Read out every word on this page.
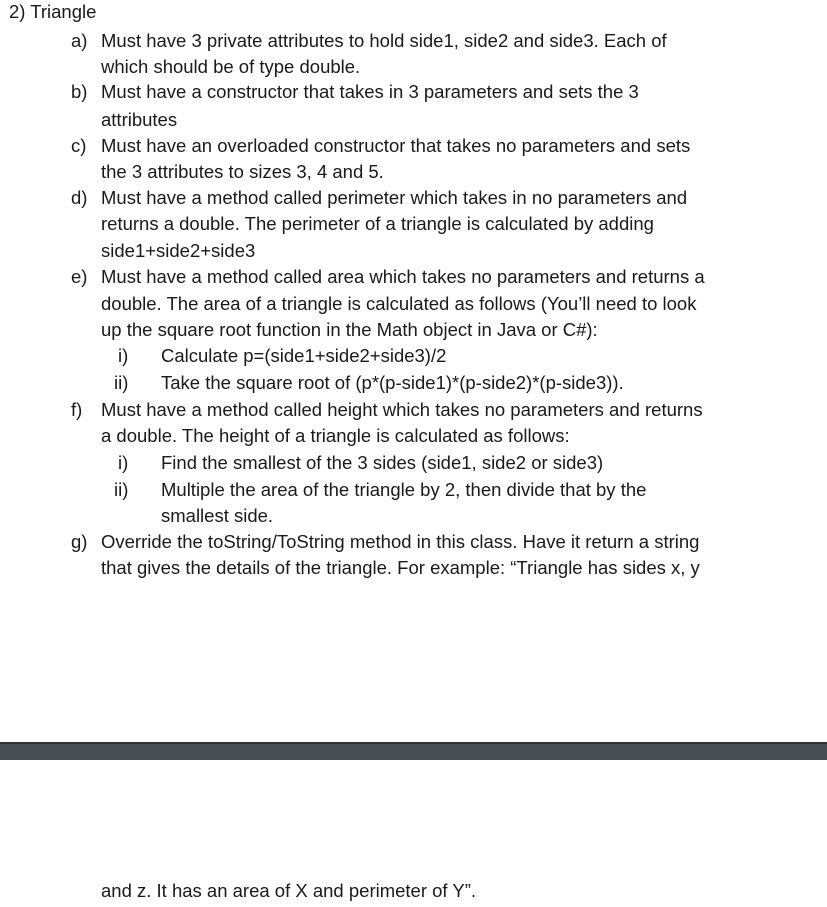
2) Triangle
a) Must have 3 private attributes to hold side1, side2 and side3. Each of
which should be of type double.
b) Must have a constructor that takes in 3 parameters and sets the 3
attributes
c) Must have an overloaded constructor that takes no parameters and sets
the 3 attributes to sizes 3, 4 and 5.
d) Must have a method called perimeter which takes in no parameters and
returns a double. The perimeter of a triangle is calculated by adding
side1+side2+side3
e) Must have a method called area which takes no parameters and returns a
double. The area of a triangle is calculated as follows (You’ll need to look
up the square root function in the Math object in Java or C#):
i) Calculate p=(side1+side2+side3)/2
ii) Take the square root of (p*(p-side1)*(p-side2)*(p-side3)).
f) Must have a method called height which takes no parameters and returns
a double. The height of a triangle is calculated as follows:
i) Find the smallest of the 3 sides (side1, side2 or side3)
ii) Multiple the area of the triangle by 2, then divide that by the
smallest side.
g) Override the toString/ToString method in this class. Have it return a string
that gives the details of the triangle. For example: “Triangle has sides x, y
and z. It has an area of X and perimeter of Y”.
